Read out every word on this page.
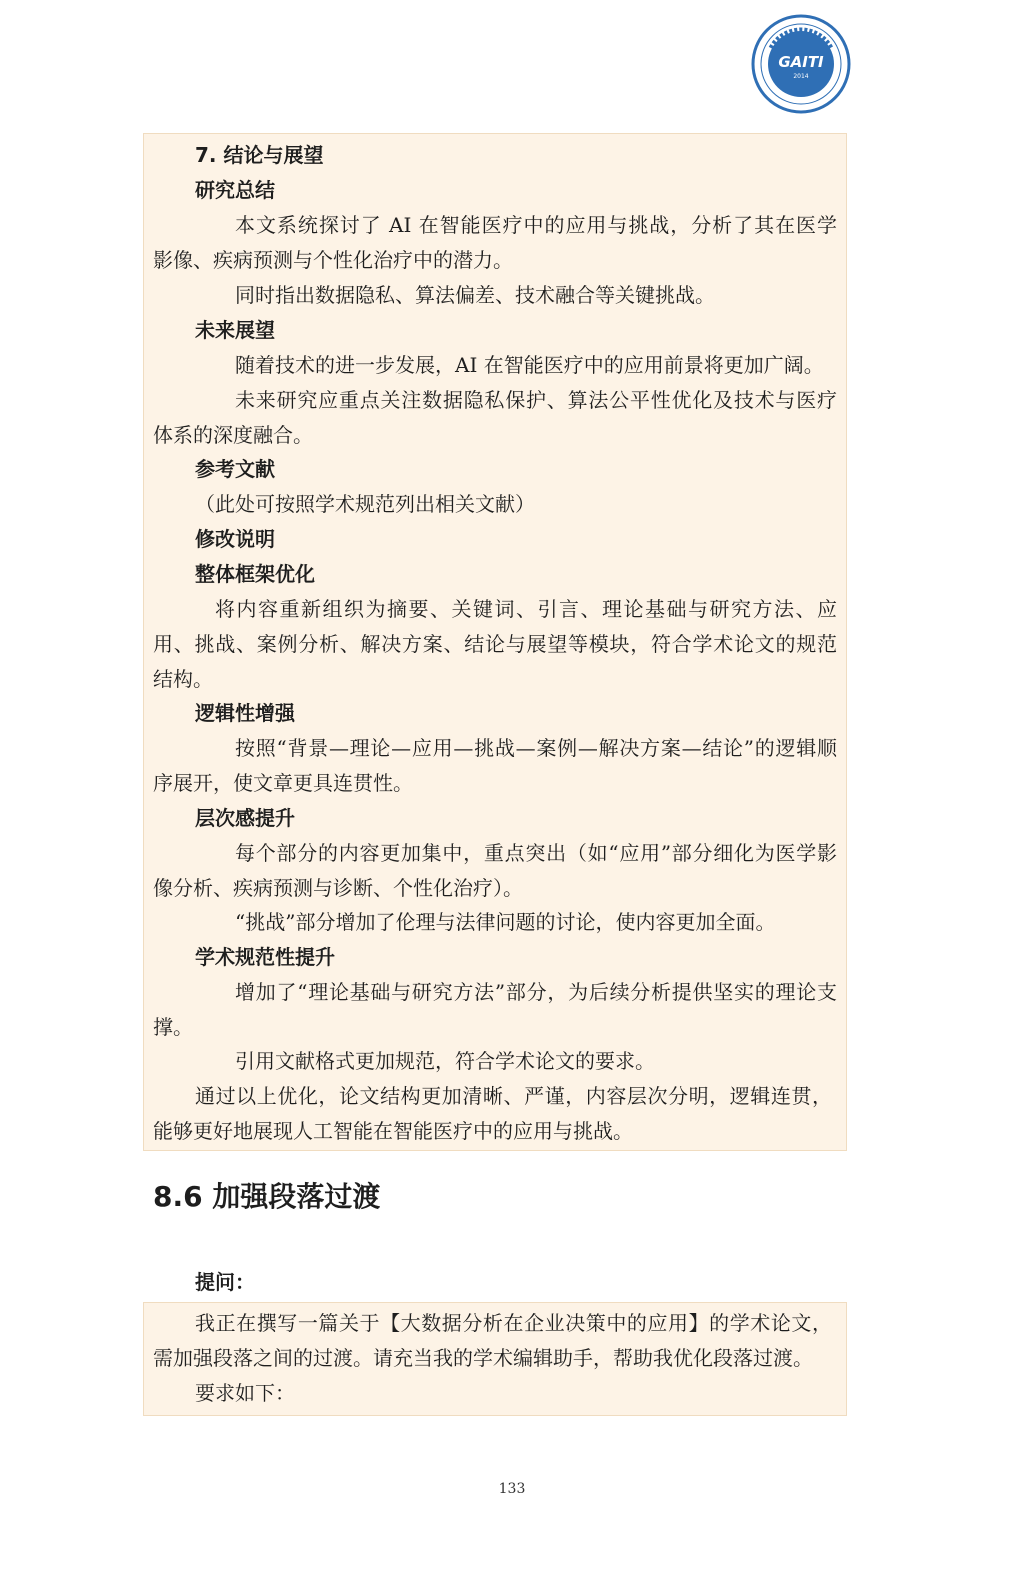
GAITI
2014
7. 结论与展望
研究总结
本文系统探讨了 AI 在智能医疗中的应用与挑战，分析了其在医学
影像、疾病预测与个性化治疗中的潜力。
同时指出数据隐私、算法偏差、技术融合等关键挑战。
未来展望
随着技术的进一步发展，AI 在智能医疗中的应用前景将更加广阔。
未来研究应重点关注数据隐私保护、算法公平性优化及技术与医疗
体系的深度融合。
参考文献
（此处可按照学术规范列出相关文献）
修改说明
整体框架优化
将内容重新组织为摘要、关键词、引言、理论基础与研究方法、应
用、挑战、案例分析、解决方案、结论与展望等模块，符合学术论文的规范
结构。
逻辑性增强
按照“背景—理论—应用—挑战—案例—解决方案—结论”的逻辑顺
序展开，使文章更具连贯性。
层次感提升
每个部分的内容更加集中，重点突出（如“应用”部分细化为医学影
像分析、疾病预测与诊断、个性化治疗）。
“挑战”部分增加了伦理与法律问题的讨论，使内容更加全面。
学术规范性提升
增加了“理论基础与研究方法”部分，为后续分析提供坚实的理论支
撑。
引用文献格式更加规范，符合学术论文的要求。
通过以上优化，论文结构更加清晰、严谨，内容层次分明，逻辑连贯，
能够更好地展现人工智能在智能医疗中的应用与挑战。
8.6 加强段落过渡
提问：
我正在撰写一篇关于【大数据分析在企业决策中的应用】的学术论文，
需加强段落之间的过渡。请充当我的学术编辑助手，帮助我优化段落过渡。
要求如下：
133
